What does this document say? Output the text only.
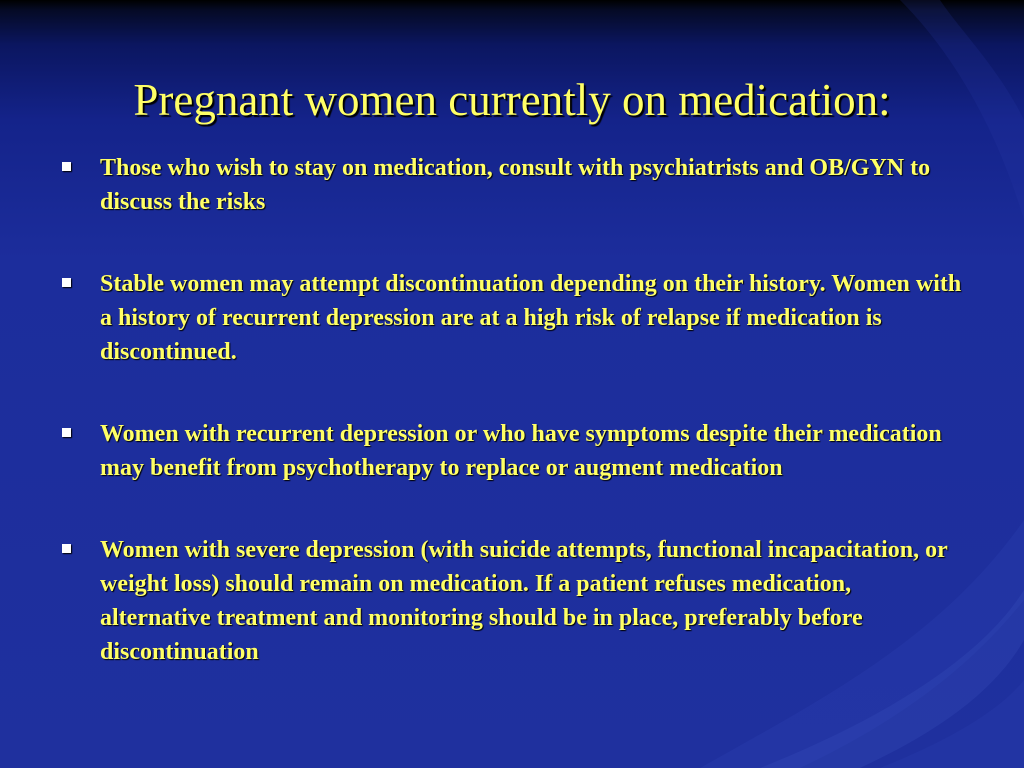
Pregnant women currently on medication:
Those who wish to stay on medication, consult with psychiatrists and OB/GYN to discuss the risks
Stable women may attempt discontinuation depending on their history. Women with a history of recurrent depression are at a high risk of relapse if medication is discontinued.
Women with recurrent depression or who have symptoms despite their medication may benefit from psychotherapy to replace or augment medication
Women with severe depression (with suicide attempts, functional incapacitation, or weight loss) should remain on medication. If a patient refuses medication, alternative treatment and monitoring should be in place, preferably before discontinuation
